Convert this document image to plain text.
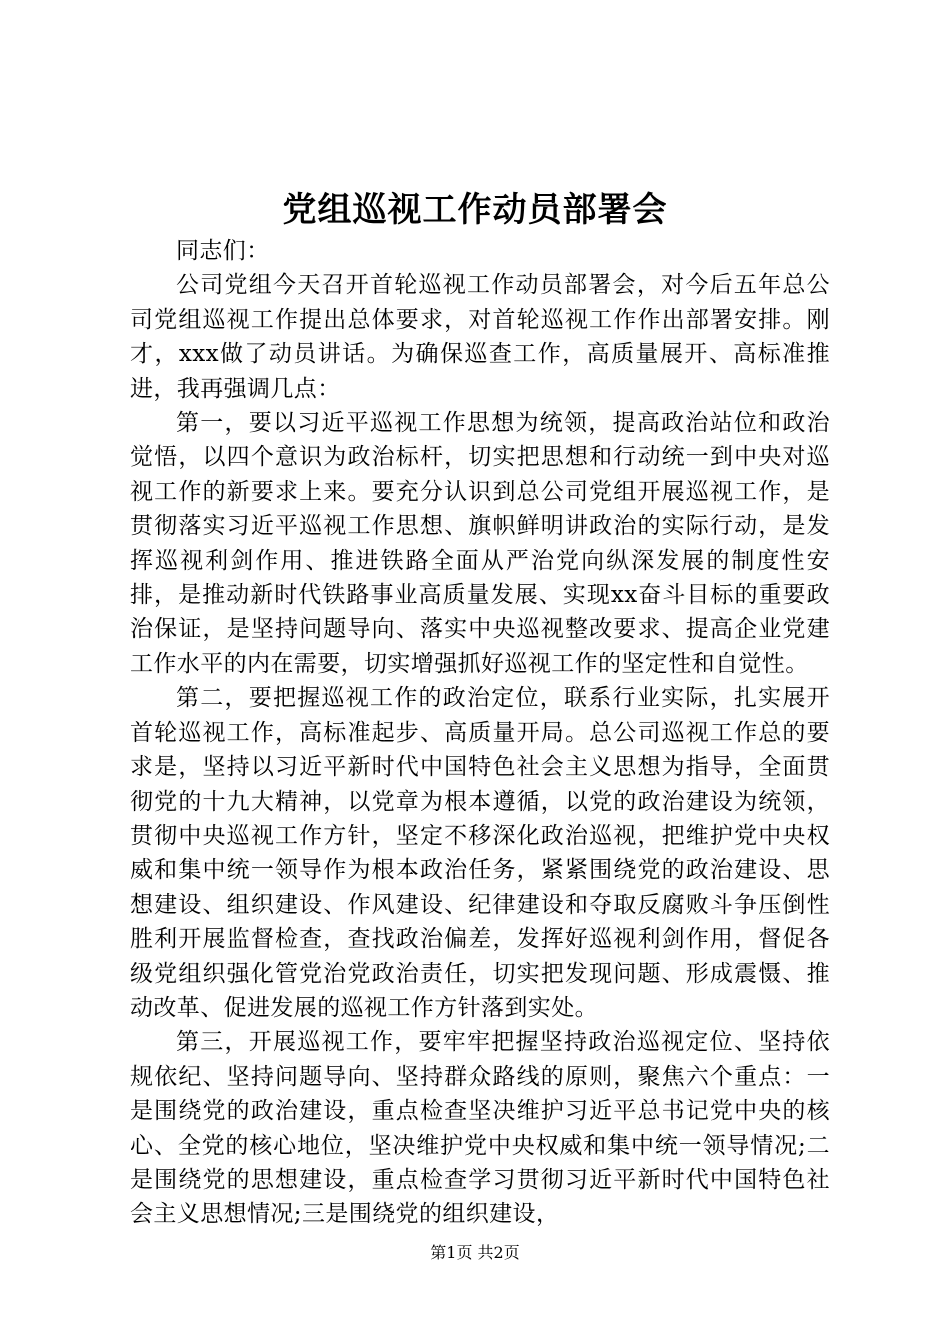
党组巡视工作动员部署会

同志们：

公司党组今天召开首轮巡视工作动员部署会，对今后五年总公司党组巡视工作提出总体要求，对首轮巡视工作作出部署安排。刚才，xxx做了动员讲话。为确保巡查工作，高质量展开、高标准推进，我再强调几点：

第一，要以习近平巡视工作思想为统领，提高政治站位和政治觉悟，以四个意识为政治标杆，切实把思想和行动统一到中央对巡视工作的新要求上来。要充分认识到总公司党组开展巡视工作，是贯彻落实习近平巡视工作思想、旗帜鲜明讲政治的实际行动，是发挥巡视利剑作用、推进铁路全面从严治党向纵深发展的制度性安排，是推动新时代铁路事业高质量发展、实现xx奋斗目标的重要政治保证，是坚持问题导向、落实中央巡视整改要求、提高企业党建工作水平的内在需要，切实增强抓好巡视工作的坚定性和自觉性。

第二，要把握巡视工作的政治定位，联系行业实际，扎实展开首轮巡视工作，高标准起步、高质量开局。总公司巡视工作总的要求是，坚持以习近平新时代中国特色社会主义思想为指导，全面贯彻党的十九大精神，以党章为根本遵循，以党的政治建设为统领，贯彻中央巡视工作方针，坚定不移深化政治巡视，把维护党中央权威和集中统一领导作为根本政治任务，紧紧围绕党的政治建设、思想建设、组织建设、作风建设、纪律建设和夺取反腐败斗争压倒性胜利开展监督检查，查找政治偏差，发挥好巡视利剑作用，督促各级党组织强化管党治党政治责任，切实把发现问题、形成震慑、推动改革、促进发展的巡视工作方针落到实处。

第三，开展巡视工作，要牢牢把握坚持政治巡视定位、坚持依规依纪、坚持问题导向、坚持群众路线的原则，聚焦六个重点：一是围绕党的政治建设，重点检查坚决维护习近平总书记党中央的核心、全党的核心地位，坚决维护党中央权威和集中统一领导情况;二是围绕党的思想建设，重点检查学习贯彻习近平新时代中国特色社会主义思想情况;三是围绕党的组织建设，

第1页 共2页
